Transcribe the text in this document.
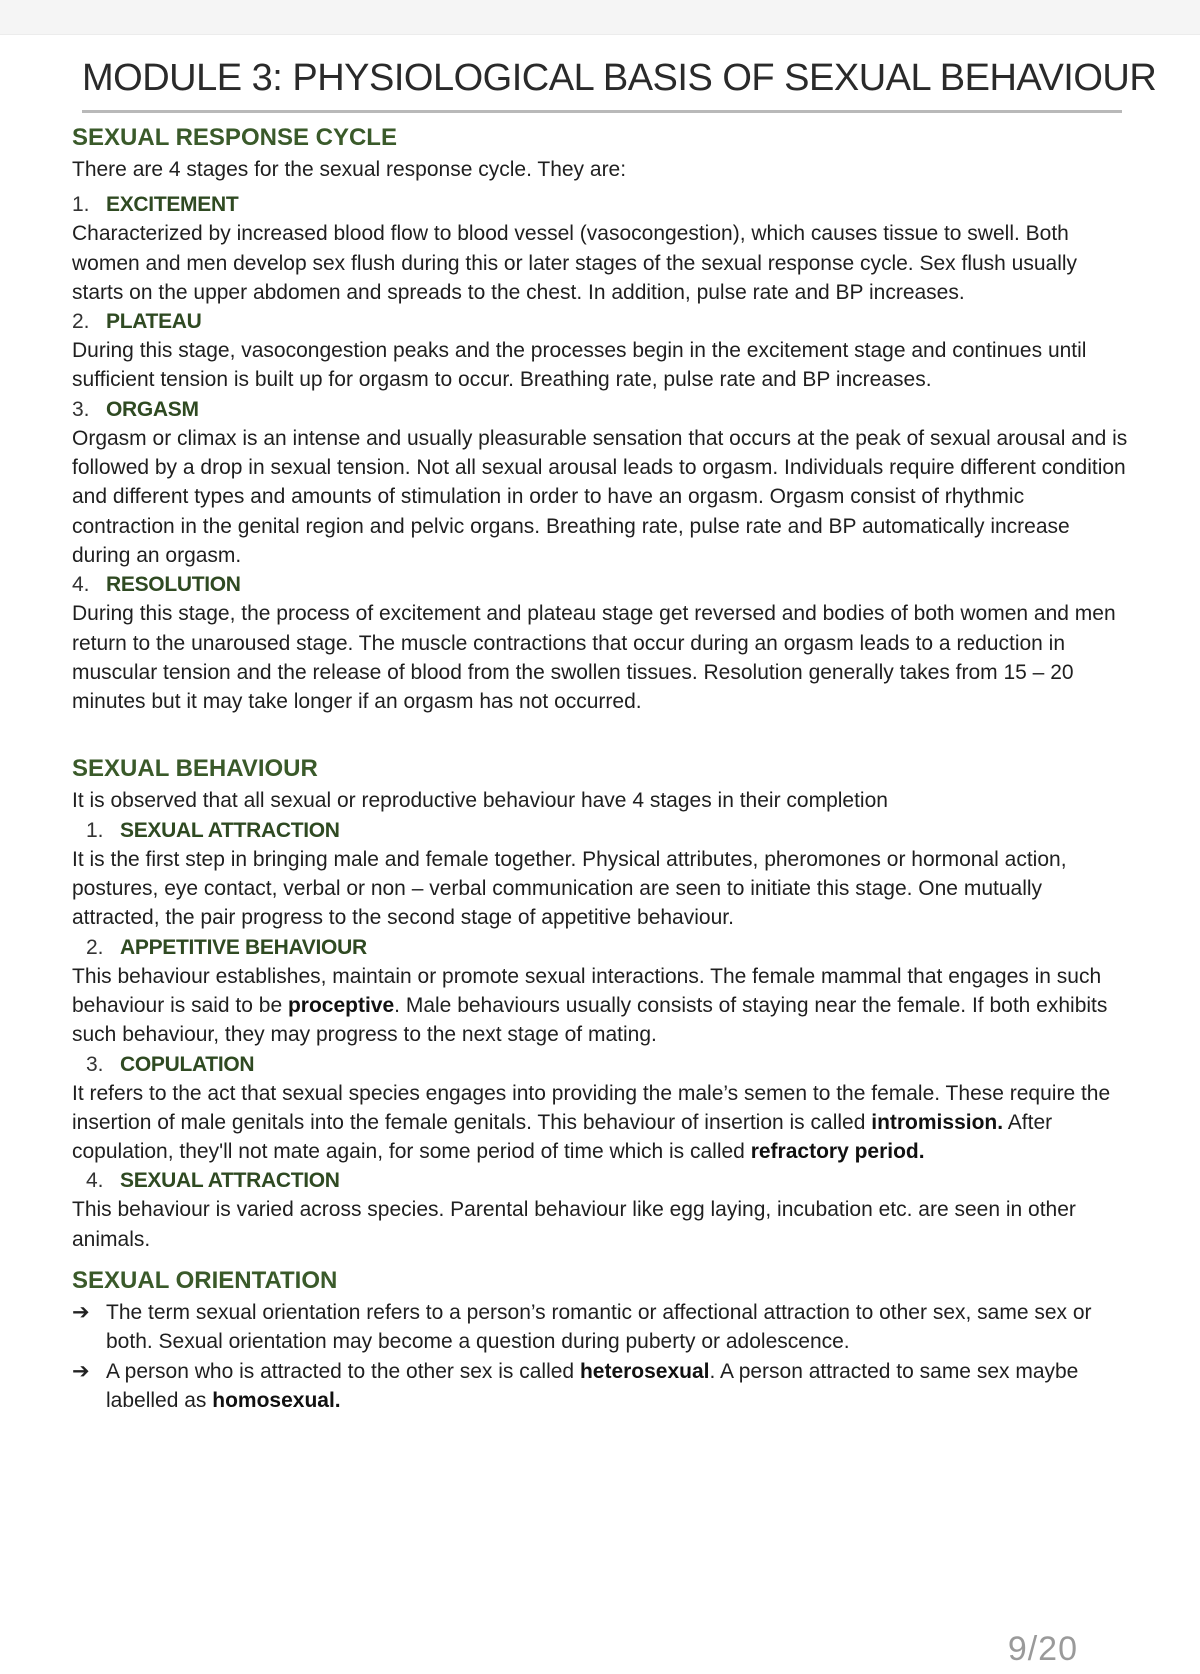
MODULE 3: PHYSIOLOGICAL BASIS OF SEXUAL BEHAVIOUR
SEXUAL RESPONSE CYCLE

There are 4 stages for the sexual response cycle. They are:

1. EXCITEMENT

Characterized by increased blood flow to blood vessel (vasocongestion), which causes tissue to swell. Both women and men develop sex flush during this or later stages of the sexual response cycle. Sex flush usually starts on the upper abdomen and spreads to the chest. In addition, pulse rate and BP increases.

2. PLATEAU

During this stage, vasocongestion peaks and the processes begin in the excitement stage and continues until sufficient tension is built up for orgasm to occur. Breathing rate, pulse rate and BP increases.

3. ORGASM

Orgasm or climax is an intense and usually pleasurable sensation that occurs at the peak of sexual arousal and is followed by a drop in sexual tension. Not all sexual arousal leads to orgasm. Individuals require different condition and different types and amounts of stimulation in order to have an orgasm. Orgasm consist of rhythmic contraction in the genital region and pelvic organs. Breathing rate, pulse rate and BP automatically increase during an orgasm.

4. RESOLUTION

During this stage, the process of excitement and plateau stage get reversed and bodies of both women and men return to the unaroused stage. The muscle contractions that occur during an orgasm leads to a reduction in muscular tension and the release of blood from the swollen tissues. Resolution generally takes from 15 – 20 minutes but it may take longer if an orgasm has not occurred.

SEXUAL BEHAVIOUR

It is observed that all sexual or reproductive behaviour have 4 stages in their completion

1. SEXUAL ATTRACTION

It is the first step in bringing male and female together. Physical attributes, pheromones or hormonal action, postures, eye contact, verbal or non – verbal communication are seen to initiate this stage. One mutually attracted, the pair progress to the second stage of appetitive behaviour.

2. APPETITIVE BEHAVIOUR

This behaviour establishes, maintain or promote sexual interactions. The female mammal that engages in such behaviour is said to be proceptive. Male behaviours usually consists of staying near the female. If both exhibits such behaviour, they may progress to the next stage of mating.

3. COPULATION

It refers to the act that sexual species engages into providing the male’s semen to the female. These require the insertion of male genitals into the female genitals. This behaviour of insertion is called intromission. After copulation, they'll not mate again, for some period of time which is called refractory period.

4. SEXUAL ATTRACTION

This behaviour is varied across species. Parental behaviour like egg laying, incubation etc. are seen in other animals.

SEXUAL ORIENTATION
➔ The term sexual orientation refers to a person’s romantic or affectional attraction to other sex, same sex or both. Sexual orientation may become a question during puberty or adolescence.
➔ A person who is attracted to the other sex is called heterosexual. A person attracted to same sex maybe labelled as homosexual.
9/20
